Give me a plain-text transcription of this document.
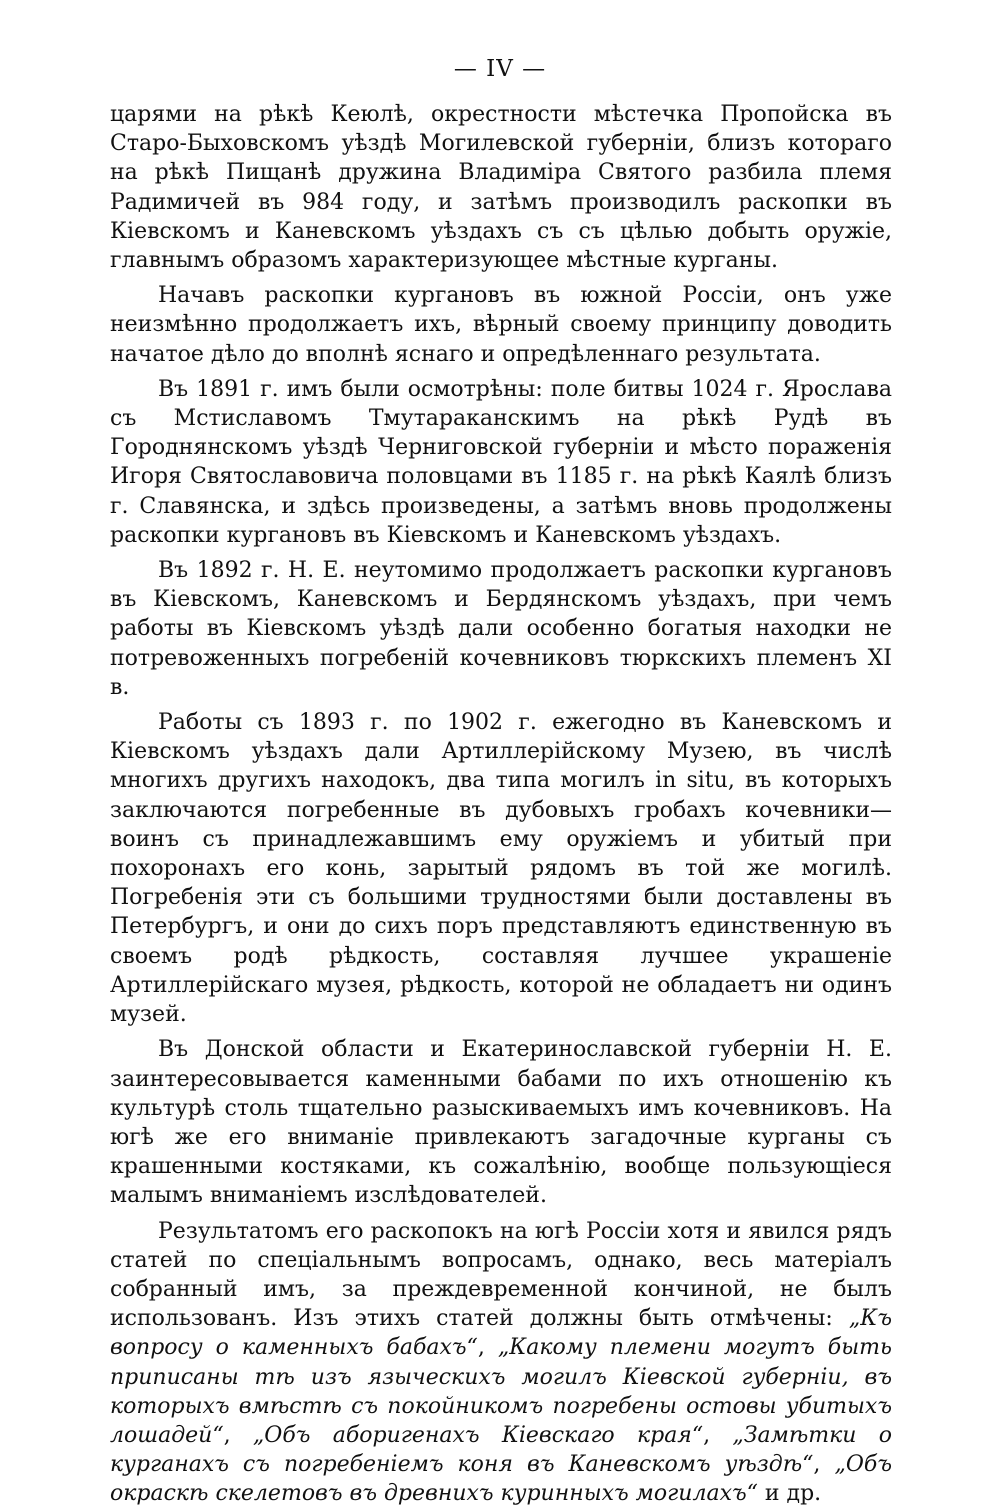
— IV —

царями на рѣкѣ Кеюлѣ, окрестности мѣстечка Пропойска въ Старо-Быховскомъ уѣздѣ Могилевской губерніи, близъ котораго на рѣкѣ Пищанѣ дружина Владиміра Святого разбила племя Радимичей въ 984 году, и затѣмъ производилъ раскопки въ Кіевскомъ и Каневскомъ уѣздахъ съ съ цѣлью добыть оружіе, главнымъ образомъ характеризующее мѣстные курганы.

Начавъ раскопки кургановъ въ южной Россіи, онъ уже неизмѣнно продолжаетъ ихъ, вѣрный своему принципу доводить начатое дѣло до вполнѣ яснаго и опредѣленнаго результата.

Въ 1891 г. имъ были осмотрѣны: поле битвы 1024 г. Ярослава съ Мстиславомъ Тмутараканскимъ на рѣкѣ Рудѣ въ Городнянскомъ уѣздѣ Черниговской губерніи и мѣсто пораженія Игоря Святославовича половцами въ 1185 г. на рѣкѣ Каялѣ близъ г. Славянска, и здѣсь произведены, а затѣмъ вновь продолжены раскопки кургановъ въ Кіевскомъ и Каневскомъ уѣздахъ.

Въ 1892 г. Н. Е. неутомимо продолжаетъ раскопки кургановъ въ Кіевскомъ, Каневскомъ и Бердянскомъ уѣздахъ, при чемъ работы въ Кіевскомъ уѣздѣ дали особенно богатыя находки не потревоженныхъ погребеній кочевниковъ тюркскихъ племенъ XI в.

Работы съ 1893 г. по 1902 г. ежегодно въ Каневскомъ и Кіевскомъ уѣздахъ дали Артиллерійскому Музею, въ числѣ многихъ другихъ находокъ, два типа могилъ in situ, въ которыхъ заключаются погребенные въ дубовыхъ гробахъ кочевники—воинъ съ принадлежавшимъ ему оружіемъ и убитый при похоронахъ его конь, зарытый рядомъ въ той же могилѣ. Погребенія эти съ большими трудностями были доставлены въ Петербургъ, и они до сихъ поръ представляютъ единственную въ своемъ родѣ рѣдкость, составляя лучшее украшеніе Артиллерійскаго музея, рѣдкость, которой не обладаетъ ни одинъ музей.

Въ Донской области и Екатеринославской губерніи Н. Е. заинтересовывается каменными бабами по ихъ отношенію къ культурѣ столь тщательно разыскиваемыхъ имъ кочевниковъ. На югѣ же его вниманіе привлекаютъ загадочные курганы съ крашенными костяками, къ сожалѣнію, вообще пользующіеся малымъ вниманіемъ изслѣдователей.

Результатомъ его раскопокъ на югѣ Россіи хотя и явился рядъ статей по спеціальнымъ вопросамъ, однако, весь матеріалъ собранный имъ, за преждевременной кончиной, не былъ использованъ. Изъ этихъ статей должны быть отмѣчены: „Къ вопросу о каменныхъ бабахъ“, „Какому племени могутъ быть приписаны тѣ изъ языческихъ могилъ Кіевской губерніи, въ которыхъ вмѣстѣ съ покойникомъ погребены остовы убитыхъ лошадей“, „Объ аборигенахъ Кіевскаго края“, „Замѣтки о курганахъ съ погребеніемъ коня въ Каневскомъ уѣздѣ“, „Объ окраскѣ скелетовъ въ древнихъ куринныхъ могилахъ“ и др.
